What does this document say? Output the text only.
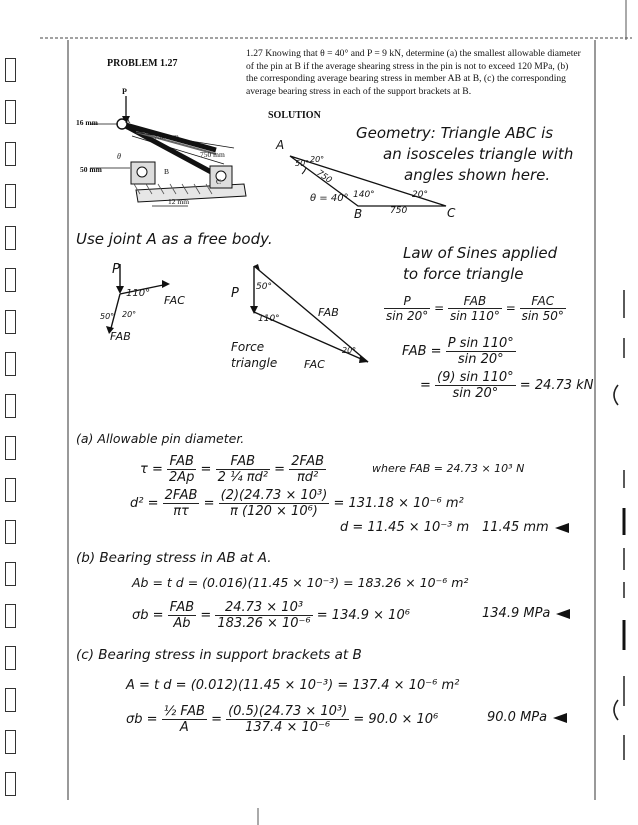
PROBLEM 1.27
1.27 Knowing that θ = 40° and P = 9 kN, determine (a) the smallest allowable diameter of the pin at B if the average shearing stress in the pin is not to exceed 120 MPa, (b) the corresponding average bearing stress in member AB at B, (c) the corresponding average bearing stress in each of the support brackets at B.
SOLUTION
P
16 mm	A
750 mm
750 mm
θ
50 mm	B
C
12 mm
A
50° 20°
750
θ = 40° 140°	20°
B	750	C
Geometry: Triangle ABC is
an isosceles triangle with
angles shown here.
Use joint A as a free body.
P
110°
FAC
50° 20°
FAB
P 50°
FAB
110°
Force
triangle
20°
FAC
Law of Sines applied
to force triangle
$\frac{P}{\sin 20^\circ} = \frac{\text{FAB}}{\sin 110^\circ} = \frac{\text{FAC}}{\sin 50^\circ}$
FAB = $\frac{\text{P sin 110°}}{\sin 20^\circ}$
= $\frac{(9) \sin 110^\circ}{\sin 20^\circ} = 24.73$ kN
(a) Allowable pin diameter.
$\tau = \frac{\text{FAB}}{2Ap} = \frac{\text{FAB}}{\text{2 ¼ πd²}} = \frac{\text{2FAB}}{\text{πd²}}$	where FAB = 24.73 × 10³ N
$d^2 = \frac{\text{2FAB}}{\pi\tau} = \frac{\text{(2)(24.73 × 10³)}}{\text{π (120 × 10⁶)}} = 131.18 \times 10^{-6}$ m²
d = 11.45 × 10⁻³ m 11.45 mm
(b) Bearing stress in AB at A.
Ab = t d = (0.016)(11.45 × 10⁻³) = 183.26 × 10⁻⁶ m²
$\sigma b = \frac{\text{FAB}}{Ab} = \frac{\text{24.73 × 10³}}{\text{183.26 × 10⁻⁶}} = 134.9 \times 10^6$	134.9 MPa
(c) Bearing stress in support brackets at B
A = t d = (0.012)(11.45 × 10⁻³) = 137.4 × 10⁻⁶ m²
$\sigma b = \frac{\text{½ FAB}}{A} = \frac{\text{(0.5)(24.73 × 10³)}}{\text{137.4 × 10⁻⁶}} = 90.0 \times 10^6$	90.0 MPa
